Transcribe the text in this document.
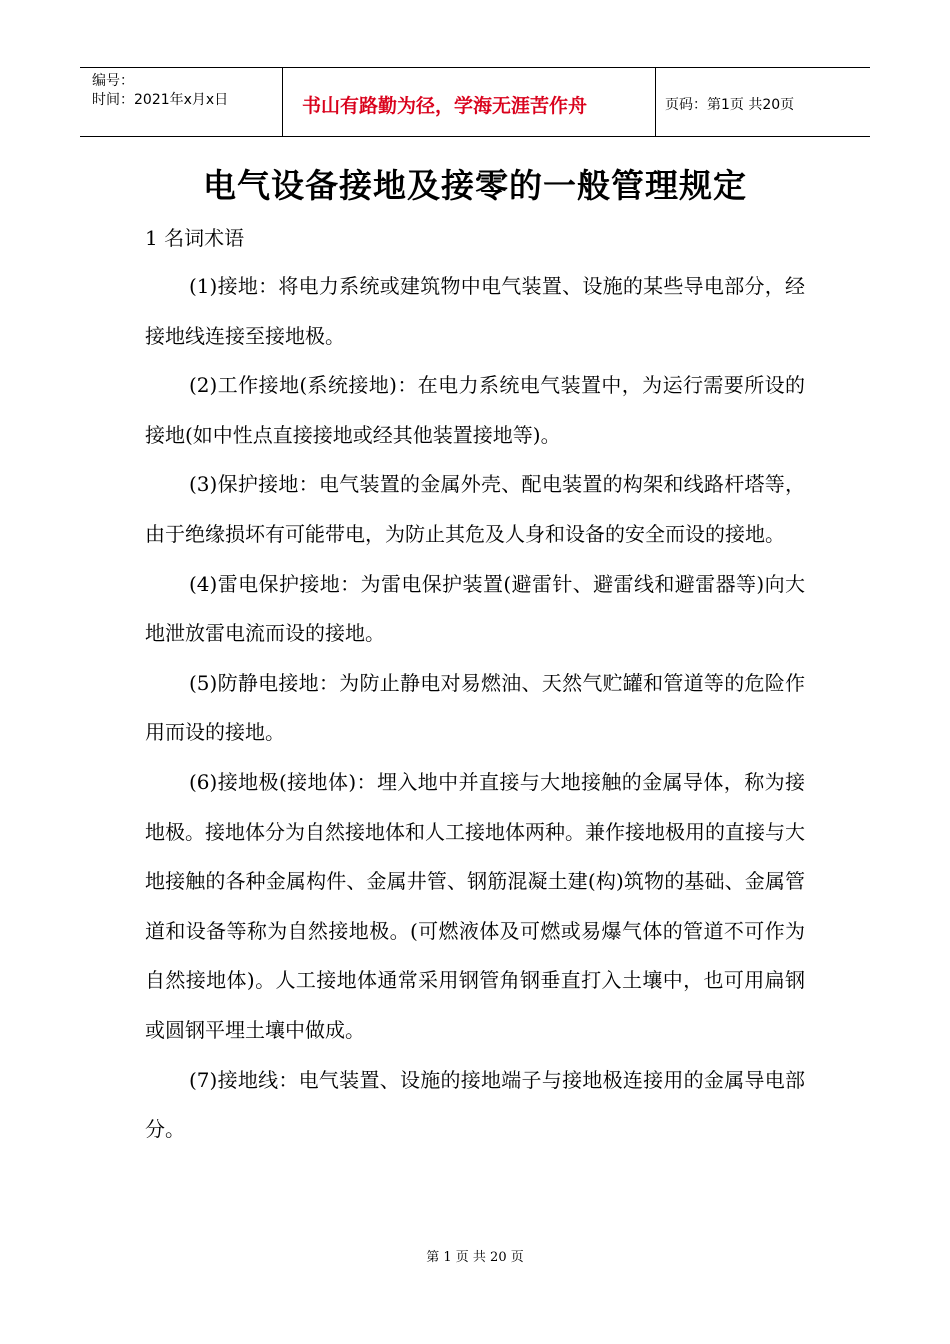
编号：
时间：2021年x月x日	书山有路勤为径，学海无涯苦作舟	页码：第1页 共20页
电气设备接地及接零的一般管理规定
1 名词术语

(1)接地：将电力系统或建筑物中电气装置、设施的某些导电部分，经接地线连接至接地极。

(2)工作接地(系统接地)：在电力系统电气装置中，为运行需要所设的接地(如中性点直接接地或经其他装置接地等)。

(3)保护接地：电气装置的金属外壳、配电装置的构架和线路杆塔等，由于绝缘损坏有可能带电，为防止其危及人身和设备的安全而设的接地。

(4)雷电保护接地：为雷电保护装置(避雷针、避雷线和避雷器等)向大地泄放雷电流而设的接地。

(5)防静电接地：为防止静电对易燃油、天然气贮罐和管道等的危险作用而设的接地。

(6)接地极(接地体)：埋入地中并直接与大地接触的金属导体，称为接地极。接地体分为自然接地体和人工接地体两种。兼作接地极用的直接与大地接触的各种金属构件、金属井管、钢筋混凝土建(构)筑物的基础、金属管道和设备等称为自然接地极。(可燃液体及可燃或易爆气体的管道不可作为自然接地体)。人工接地体通常采用钢管角钢垂直打入土壤中，也可用扁钢或圆钢平埋土壤中做成。

(7)接地线：电气装置、设施的接地端子与接地极连接用的金属导电部分。

第 1 页 共 20 页
